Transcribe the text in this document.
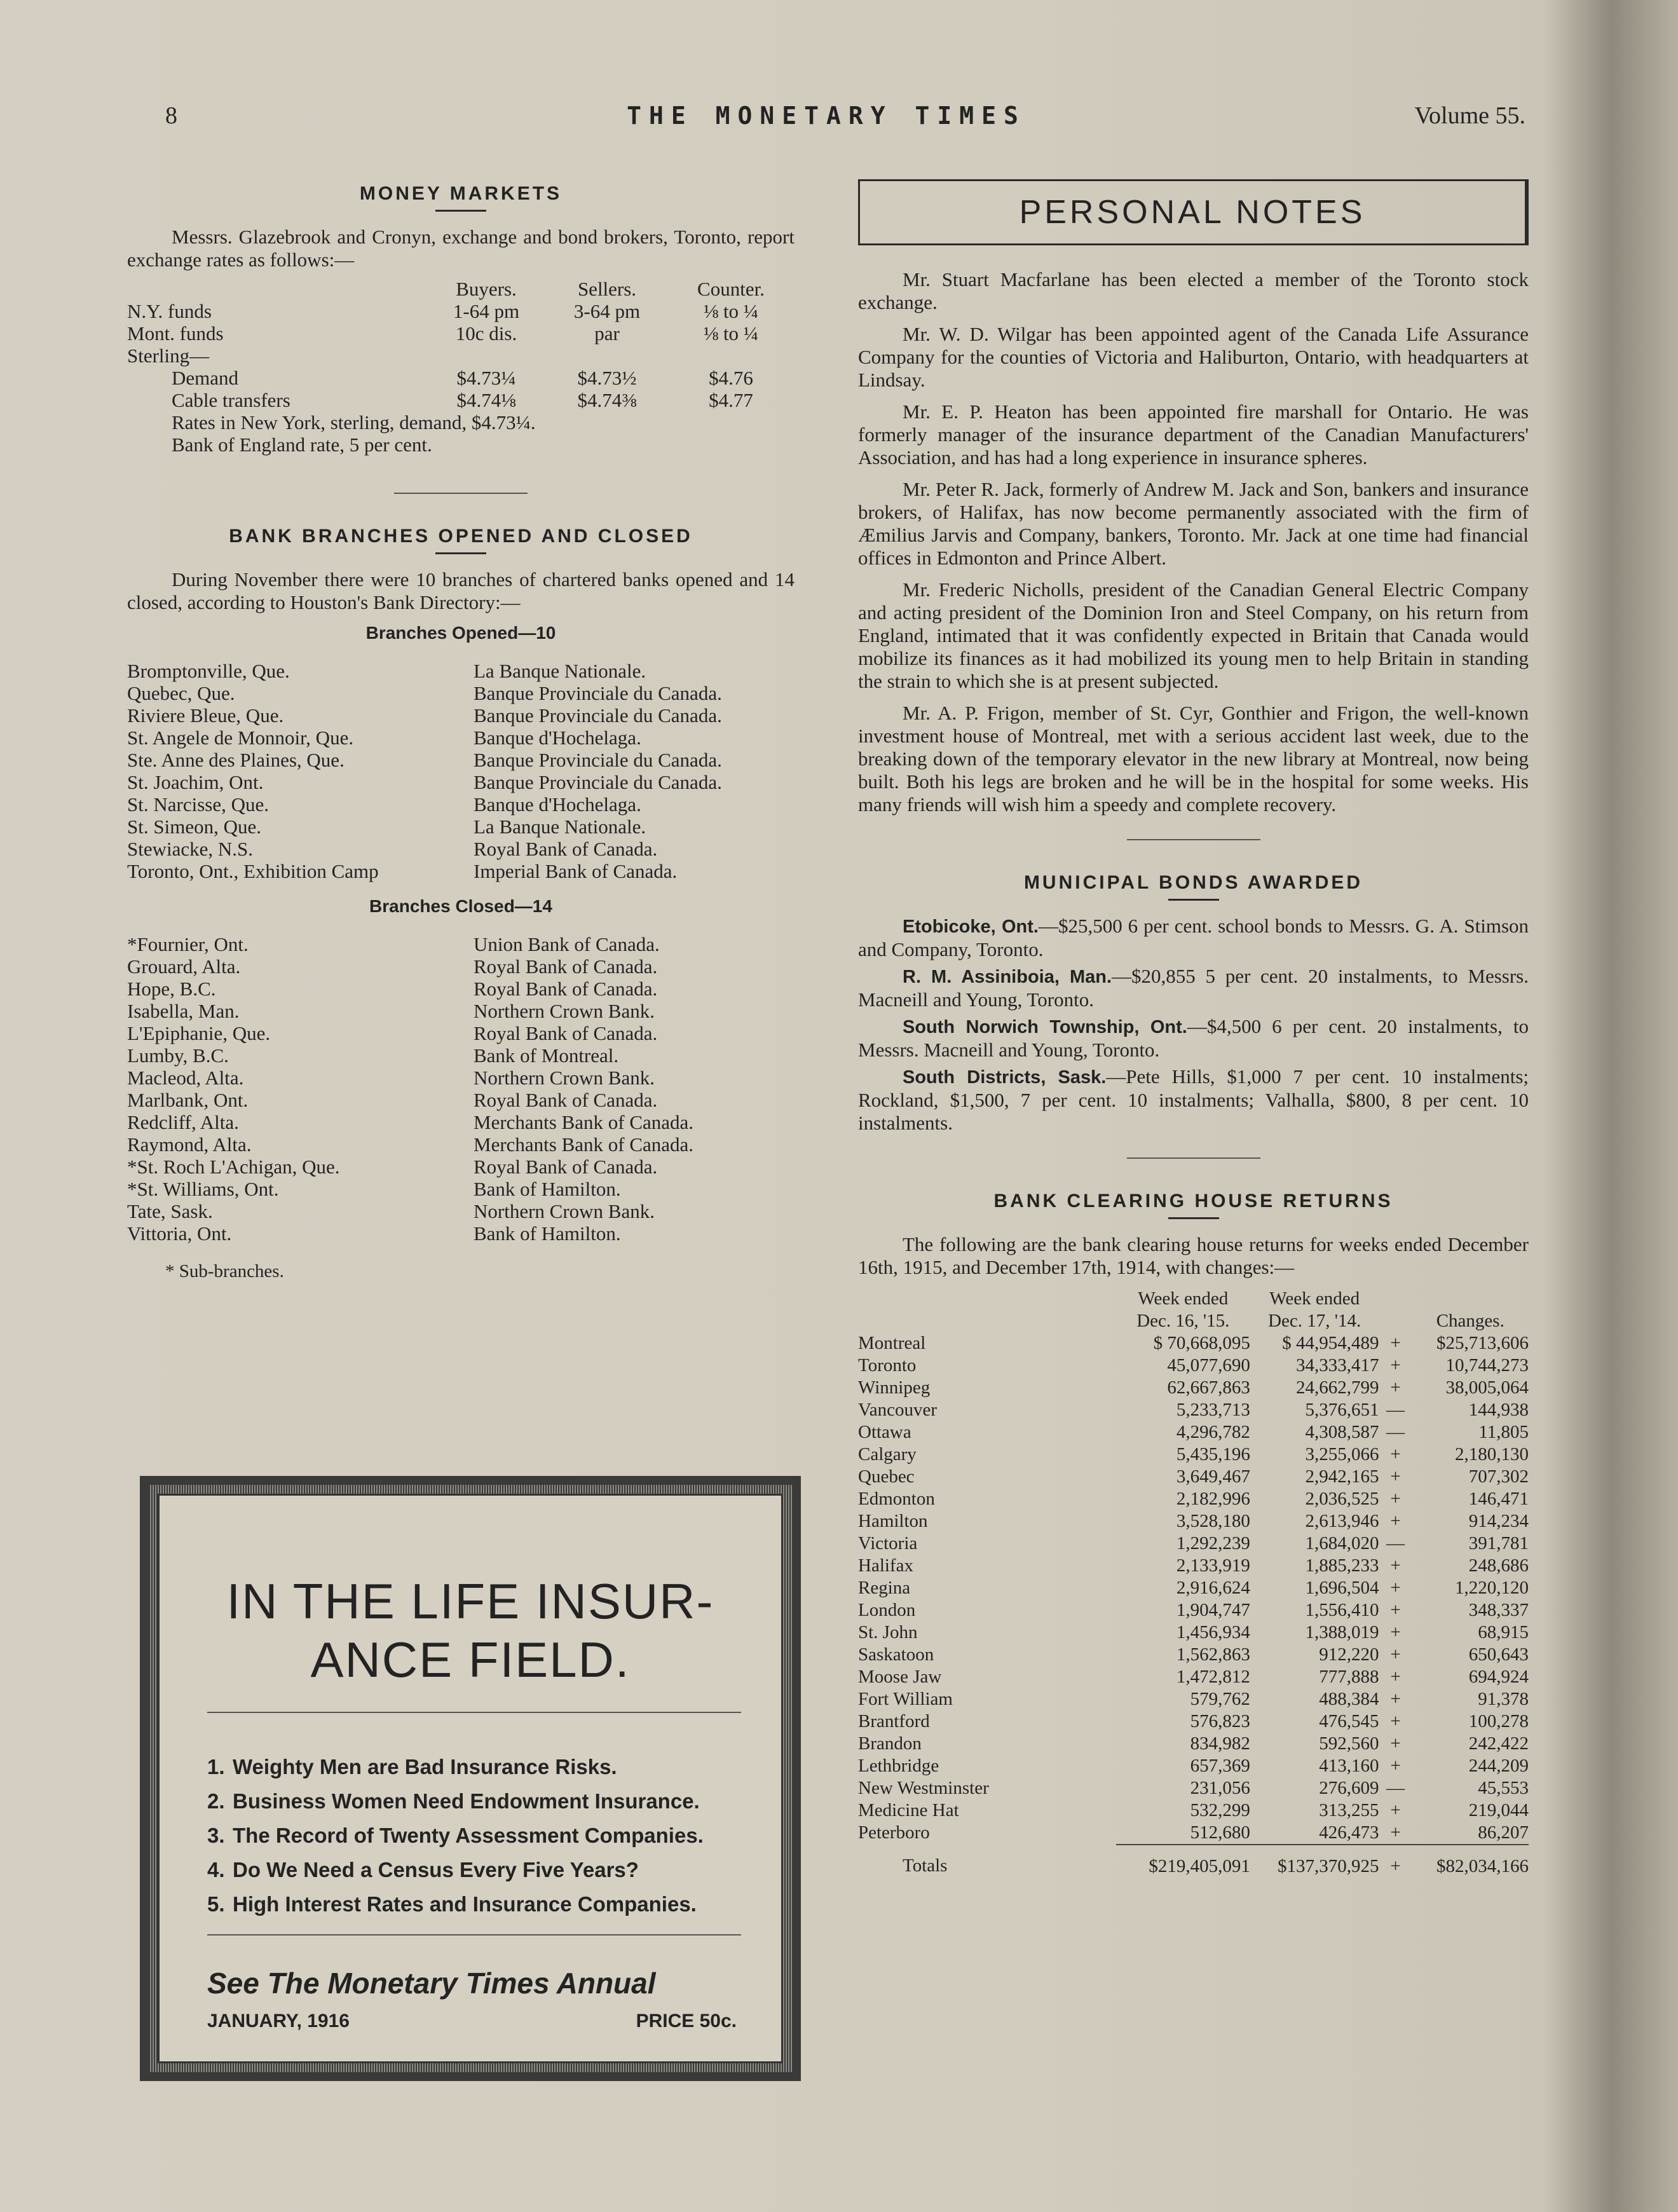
8	THE MONETARY TIMES	Volume 55.
MONEY MARKETS

Messrs. Glazebrook and Cronyn, exchange and bond brokers, Toronto, report exchange rates as follows:—

	Buyers.	Sellers.	Counter.
N.Y. funds	1-64 pm	3-64 pm	⅛ to ¼
Mont. funds	10c dis.	par	⅛ to ¼
Sterling—			
Demand	$4.73¼	$4.73½	$4.76
Cable transfers	$4.74⅛	$4.74⅜	$4.77
Rates in New York, sterling, demand, $4.73¼.
Bank of England rate, 5 per cent.
BANK BRANCHES OPENED AND CLOSED

During November there were 10 branches of chartered banks opened and 14 closed, according to Houston's Bank Directory:—

Branches Opened—10
Bromptonville, Que.	La Banque Nationale.
Quebec, Que.	Banque Provinciale du Canada.
Riviere Bleue, Que.	Banque Provinciale du Canada.
St. Angele de Monnoir, Que.	Banque d'Hochelaga.
Ste. Anne des Plaines, Que.	Banque Provinciale du Canada.
St. Joachim, Ont.	Banque Provinciale du Canada.
St. Narcisse, Que.	Banque d'Hochelaga.
St. Simeon, Que.	La Banque Nationale.
Stewiacke, N.S.	Royal Bank of Canada.
Toronto, Ont., Exhibition Camp	Imperial Bank of Canada.
Branches Closed—14
*Fournier, Ont.	Union Bank of Canada.
Grouard, Alta.	Royal Bank of Canada.
Hope, B.C.	Royal Bank of Canada.
Isabella, Man.	Northern Crown Bank.
L'Epiphanie, Que.	Royal Bank of Canada.
Lumby, B.C.	Bank of Montreal.
Macleod, Alta.	Northern Crown Bank.
Marlbank, Ont.	Royal Bank of Canada.
Redcliff, Alta.	Merchants Bank of Canada.
Raymond, Alta.	Merchants Bank of Canada.
*St. Roch L'Achigan, Que.	Royal Bank of Canada.
*St. Williams, Ont.	Bank of Hamilton.
Tate, Sask.	Northern Crown Bank.
Vittoria, Ont.	Bank of Hamilton.
* Sub-branches.
IN THE LIFE INSUR-
ANCE FIELD.
1. Weighty Men are Bad Insurance Risks.
2. Business Women Need Endowment Insurance.
3. The Record of Twenty Assessment Companies.
4. Do We Need a Census Every Five Years?
5. High Interest Rates and Insurance Companies.
See The Monetary Times Annual
JANUARY, 1916	PRICE 50c.
PERSONAL NOTES

Mr. Stuart Macfarlane has been elected a member of the Toronto stock exchange.

Mr. W. D. Wilgar has been appointed agent of the Canada Life Assurance Company for the counties of Victoria and Haliburton, Ontario, with headquarters at Lindsay.

Mr. E. P. Heaton has been appointed fire marshall for Ontario. He was formerly manager of the insurance department of the Canadian Manufacturers' Association, and has had a long experience in insurance spheres.

Mr. Peter R. Jack, formerly of Andrew M. Jack and Son, bankers and insurance brokers, of Halifax, has now become permanently associated with the firm of Æmilius Jarvis and Company, bankers, Toronto. Mr. Jack at one time had financial offices in Edmonton and Prince Albert.

Mr. Frederic Nicholls, president of the Canadian General Electric Company and acting president of the Dominion Iron and Steel Company, on his return from England, intimated that it was confidently expected in Britain that Canada would mobilize its finances as it had mobilized its young men to help Britain in standing the strain to which she is at present subjected.

Mr. A. P. Frigon, member of St. Cyr, Gonthier and Frigon, the well-known investment house of Montreal, met with a serious accident last week, due to the breaking down of the temporary elevator in the new library at Montreal, now being built. Both his legs are broken and he will be in the hospital for some weeks. His many friends will wish him a speedy and complete recovery.

MUNICIPAL BONDS AWARDED

Etobicoke, Ont.—$25,500 6 per cent. school bonds to Messrs. G. A. Stimson and Company, Toronto.

R. M. Assiniboia, Man.—$20,855 5 per cent. 20 instalments, to Messrs. Macneill and Young, Toronto.

South Norwich Township, Ont.—$4,500 6 per cent. 20 instalments, to Messrs. Macneill and Young, Toronto.

South Districts, Sask.—Pete Hills, $1,000 7 per cent. 10 instalments; Rockland, $1,500, 7 per cent. 10 instalments; Valhalla, $800, 8 per cent. 10 instalments.

BANK CLEARING HOUSE RETURNS

The following are the bank clearing house returns for weeks ended December 16th, 1915, and December 17th, 1914, with changes:—

	Week ended	Week ended		
	Dec. 16, '15.	Dec. 17, '14.		Changes.
Montreal	$ 70,668,095	$ 44,954,489	+	$25,713,606
Toronto	45,077,690	34,333,417	+	10,744,273
Winnipeg	62,667,863	24,662,799	+	38,005,064
Vancouver	5,233,713	5,376,651	—	144,938
Ottawa	4,296,782	4,308,587	—	11,805
Calgary	5,435,196	3,255,066	+	2,180,130
Quebec	3,649,467	2,942,165	+	707,302
Edmonton	2,182,996	2,036,525	+	146,471
Hamilton	3,528,180	2,613,946	+	914,234
Victoria	1,292,239	1,684,020	—	391,781
Halifax	2,133,919	1,885,233	+	248,686
Regina	2,916,624	1,696,504	+	1,220,120
London	1,904,747	1,556,410	+	348,337
St. John	1,456,934	1,388,019	+	68,915
Saskatoon	1,562,863	912,220	+	650,643
Moose Jaw	1,472,812	777,888	+	694,924
Fort William	579,762	488,384	+	91,378
Brantford	576,823	476,545	+	100,278
Brandon	834,982	592,560	+	242,422
Lethbridge	657,369	413,160	+	244,209
New Westminster	231,056	276,609	—	45,553
Medicine Hat	532,299	313,255	+	219,044
Peterboro	512,680	426,473	+	86,207
Totals	$219,405,091	$137,370,925	+	$82,034,166
